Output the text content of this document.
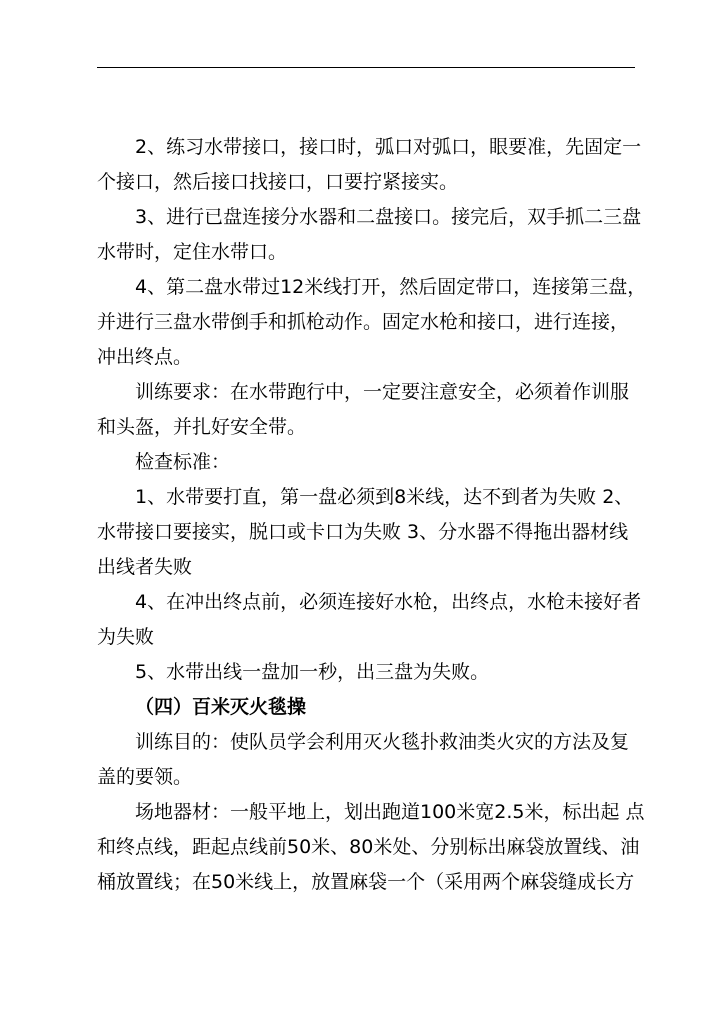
2、练习水带接口，接口时，弧口对弧口，眼要准，先固定一
个接口，然后接口找接口，口要拧紧接实。
3、进行已盘连接分水器和二盘接口。接完后，双手抓二三盘
水带时，定住水带口。
4、第二盘水带过12米线打开，然后固定带口，连接第三盘，
并进行三盘水带倒手和抓枪动作。固定水枪和接口，进行连接，
冲出终点。
训练要求：在水带跑行中，一定要注意安全，必须着作训服
和头盔，并扎好安全带。
检查标准：
1、水带要打直，第一盘必须到8米线，达不到者为失败 2、
水带接口要接实，脱口或卡口为失败 3、分水器不得拖出器材线
出线者失败
4、在冲出终点前，必须连接好水枪，出终点，水枪未接好者
为失败
5、水带出线一盘加一秒，出三盘为失败。
（四）百米灭火毯操
训练目的：使队员学会利用灭火毯扑救油类火灾的方法及复
盖的要领。
场地器材：一般平地上，划出跑道100米宽2.5米，标出起 点
和终点线，距起点线前50米、80米处、分别标出麻袋放置线、油
桶放置线；在50米线上，放置麻袋一个（采用两个麻袋缝成长方
